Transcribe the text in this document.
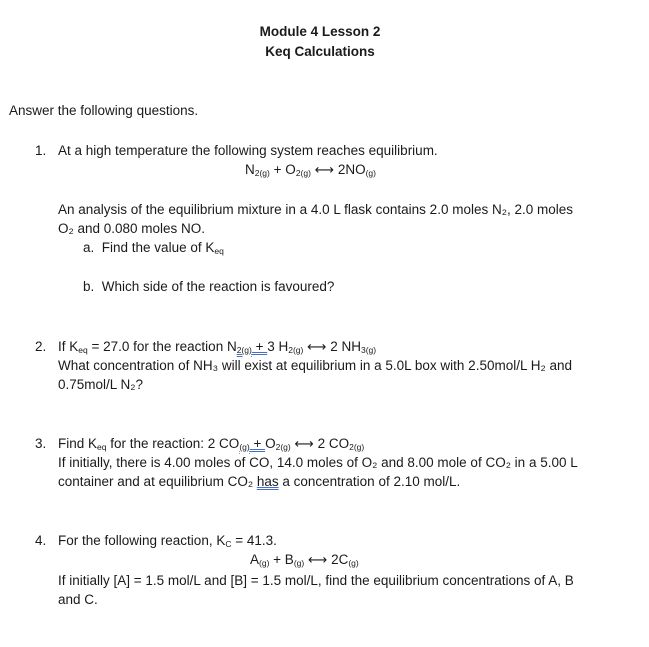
Module 4 Lesson 2
Keq Calculations
Answer the following questions.
1. At a high temperature the following system reaches equilibrium.
$N_{2(g)} + O_{2(g)}$ ⟷ $2NO_{(g)}$
An analysis of the equilibrium mixture in a 4.0 L flask contains 2.0 moles N₂, 2.0 moles
O₂ and 0.080 moles NO.
a. Find the value of $K_{eq}$
b. Which side of the reaction is favoured?
2. If $K_{eq} = 27.0$ for the reaction $N_{2(g)} + 3$ $H_{2(g)}$ ⟷ 2 $NH_{3(g)}$
What concentration of NH₃ will exist at equilibrium in a 5.0L box with 2.50mol/L H₂ and
0.75mol/L N₂?
3. Find $K_{eq}$ for the reaction: 2 $CO_{(g)} + O_{2(g)}$ ⟷ 2 $CO_{2(g)}$
If initially, there is 4.00 moles of CO, 14.0 moles of O₂ and 8.00 mole of CO₂ in a 5.00 L
container and at equilibrium CO₂ has a concentration of 2.10 mol/L.
4. For the following reaction, $K_C = 41.3$.
$A_{(g)} + B_{(g)}$ ⟷ $2C_{(g)}$
If initially [A] = 1.5 mol/L and [B] = 1.5 mol/L, find the equilibrium concentrations of A, B
and C.
